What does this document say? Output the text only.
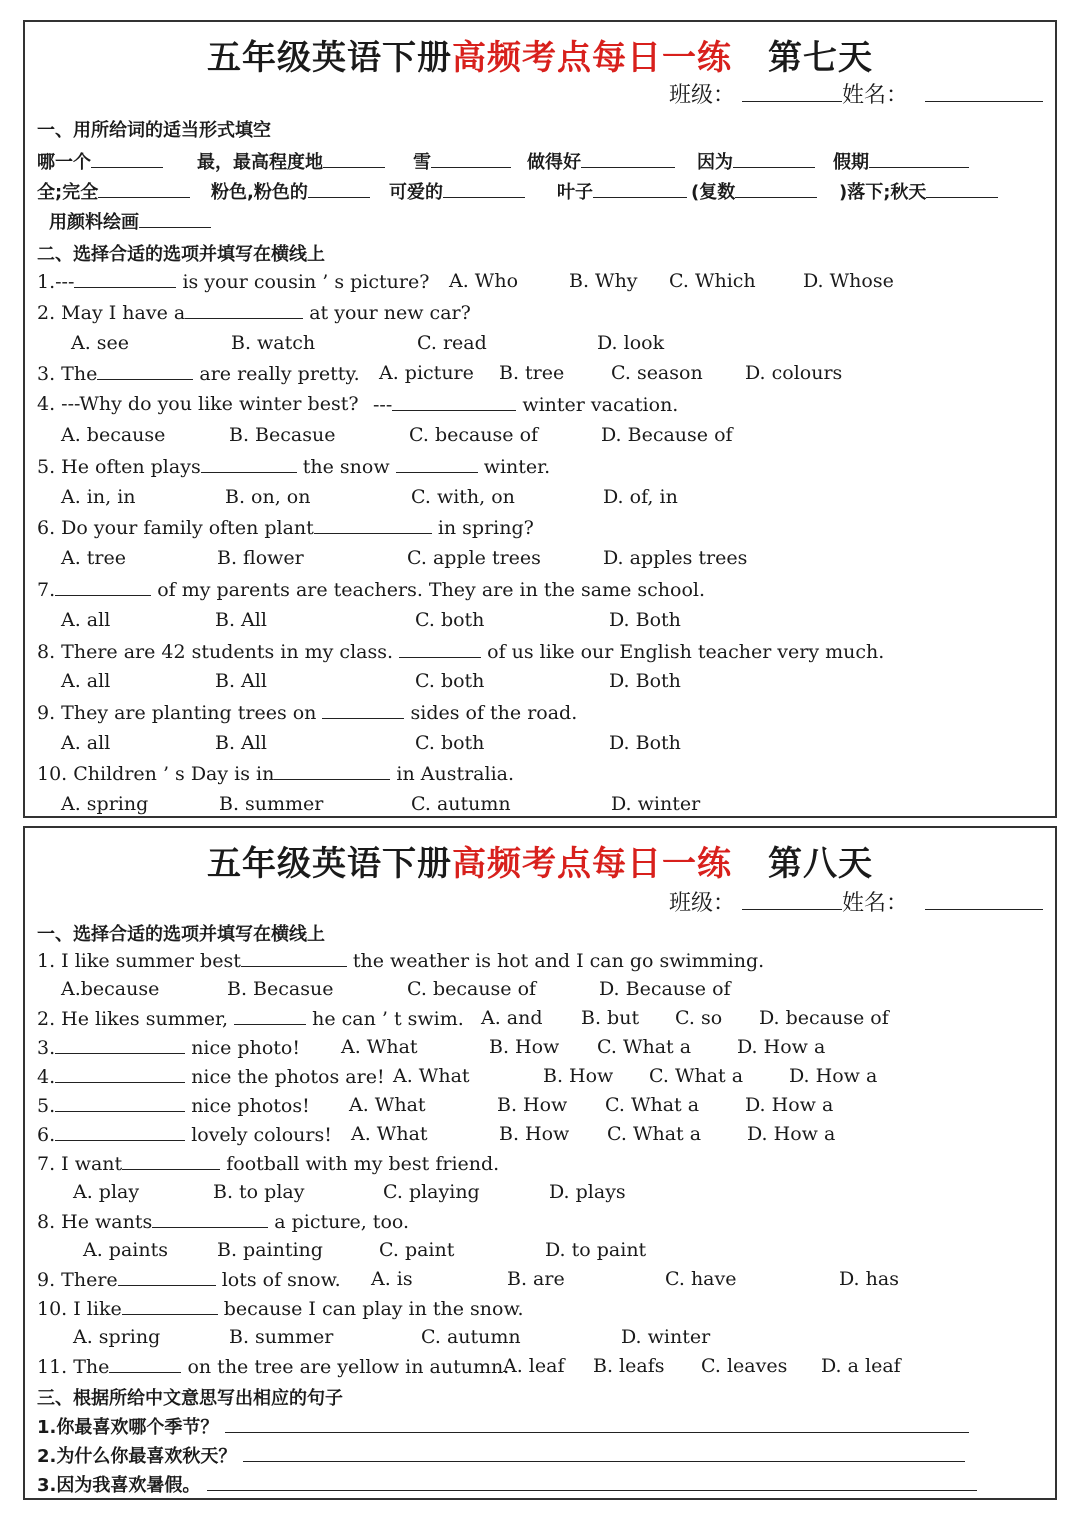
五年级英语下册高频考点每日一练 第七天
班级：	姓名：
一、用所给词的适当形式填空
哪一个	最，最高程度地	雪	做得好	因为	假期
全;完全	粉色,粉色的	可爱的	叶子	(复数	)落下;秋天
用颜料绘画
二、选择合适的选项并填写在横线上
1.---	is your cousin ’ s picture? A. Who	B. Why C. Which D. Whose
2. May I have a	at your new car?
A. see	B. watch	C. read	D. look
3. The	are really pretty. A. picture B. tree C. season D. colours
4. ---Why do you like winter best? ---	winter vacation.
A. because	B. Becasue	C. because of	D. Because of
5. He often plays	the snow	winter.
A. in, in	B. on, on	C. with, on	D. of, in
6. Do your family often plant	in spring?
A. tree	B. flower	C. apple trees	D. apples trees
7.	of my parents are teachers. They are in the same school.
A. all	B. All	C. both	D. Both
8. There are 42 students in my class.	of us like our English teacher very much.
A. all	B. All	C. both	D. Both
9. They are planting trees on	sides of the road.
A. all	B. All	C. both	D. Both
10. Children ’ s Day is in	in Australia.
A. spring	B. summer	C. autumn	D. winter
五年级英语下册高频考点每日一练 第八天
班级：	姓名：
一、选择合适的选项并填写在横线上
1. I like summer best	the weather is hot and I can go swimming.
A.because	B. Becasue	C. because of	D. Because of
2. He likes summer,	he can ’ t swim. A. and B. but C. so D. because of
3.	nice photo! A. What	B. How C. What a D. How a
4.	nice the photos are! A. What	B. How C. What a D. How a
5.	nice photos! A. What	B. How C. What a D. How a
6.	lovely colours! A. What	B. How C. What a D. How a
7. I want	football with my best friend.
A. play	B. to play	C. playing	D. plays
8. He wants	a picture, too.
A. paints	B. painting	C. paint	D. to paint
9. There	lots of snow. A. is	B. are	C. have	D. has
10. I like	because I can play in the snow.
A. spring	B. summer	C. autumn	D. winter
11. The	on the tree are yellow in autumn.
A. leaf B. leafs C. leaves D. a leaf
三、根据所给中文意思写出相应的句子
1.你最喜欢哪个季节？
2.为什么你最喜欢秋天？
3.因为我喜欢暑假。
